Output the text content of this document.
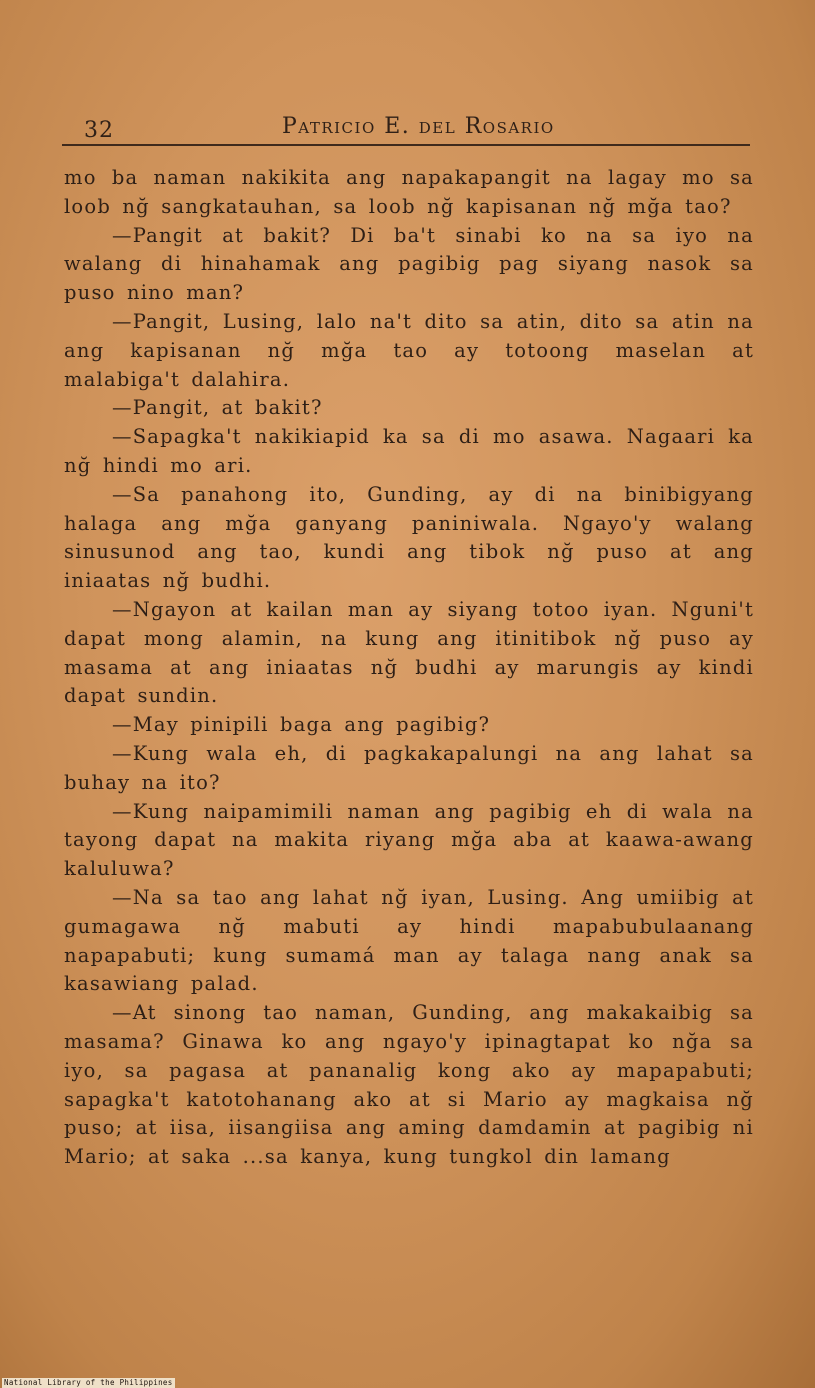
32	Patricio E. del Rosario

mo ba naman nakikita ang napakapangit na lagay mo sa loob nğ sangkatauhan, sa loob nğ kapisanan nğ mğa tao?

—Pangit at bakit? Di ba't sinabi ko na sa iyo na walang di hinahamak ang pagibig pag siyang nasok sa puso nino man?

—Pangit, Lusing, lalo na't dito sa atin, dito sa atin na ang kapisanan nğ mğa tao ay totoong maselan at malabiga't dalahira.

—Pangit, at bakit?

—Sapagka't nakikiapid ka sa di mo asawa. Nagaari ka nğ hindi mo ari.

—Sa panahong ito, Gunding, ay di na binibigyang halaga ang mğa ganyang paniniwala. Ngayo'y walang sinusunod ang tao, kundi ang tibok nğ puso at ang iniaatas nğ budhi.

—Ngayon at kailan man ay siyang totoo iyan. Nguni't dapat mong alamin, na kung ang itinitibok nğ puso ay masama at ang iniaatas nğ budhi ay marungis ay kindi dapat sundin.

—May pinipili baga ang pagibig?

—Kung wala eh, di pagkakapalungi na ang lahat sa buhay na ito?

—Kung naipamimili naman ang pagibig eh di wala na tayong dapat na makita riyang mğa aba at kaawa-awang kaluluwa?

—Na sa tao ang lahat nğ iyan, Lusing. Ang umiibig at gumagawa nğ mabuti ay hindi mapabubulaanang napapabuti; kung sumamá man ay talaga nang anak sa kasawiang palad.

—At sinong tao naman, Gunding, ang makakaibig sa masama? Ginawa ko ang ngayo'y ipinagtapat ko nğa sa iyo, sa pagasa at pananalig kong ako ay mapapabuti; sapagka't katotohanang ako at si Mario ay magkaisa nğ puso; at iisa, iisangiisa ang aming damdamin at pagibig ni Mario; at saka ...sa kanya, kung tungkol din lamang

National Library of the Philippines
